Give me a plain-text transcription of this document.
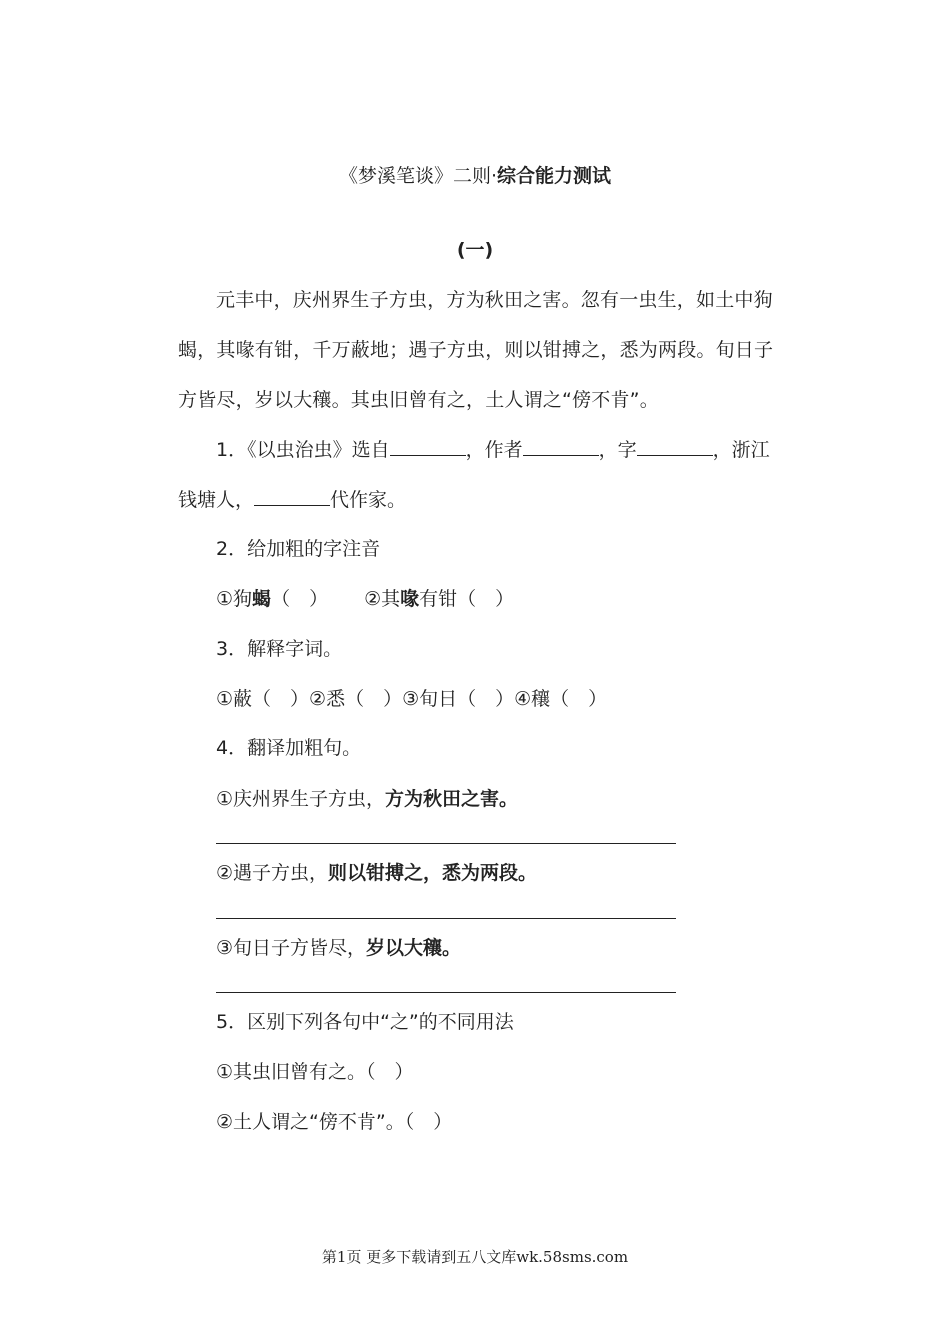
《梦溪笔谈》二则·综合能力测试
(一)
元丰中，庆州界生子方虫，方为秋田之害。忽有一虫生，如土中狗蝎，其喙有钳，千万蔽地；遇子方虫，则以钳搏之，悉为两段。旬日子方皆尽，岁以大穰。其虫旧曾有之，土人谓之“傍不肯”。
1．《以虫治虫》选自	，作者	，字	，浙江钱塘人，	代作家。
2．给加粗的字注音
①狗蝎（　） ②其喙有钳（　）
3．解释字词。
①蔽（　）②悉（　）③旬日（　）④穰（　）
4．翻译加粗句。
①庆州界生子方虫，方为秋田之害。
②遇子方虫，则以钳搏之，悉为两段。
③旬日子方皆尽，岁以大穰。
5．区别下列各句中“之”的不同用法
①其虫旧曾有之。（　）
②土人谓之“傍不肯”。（　）
第1页 更多下载请到五八文库wk.58sms.com
